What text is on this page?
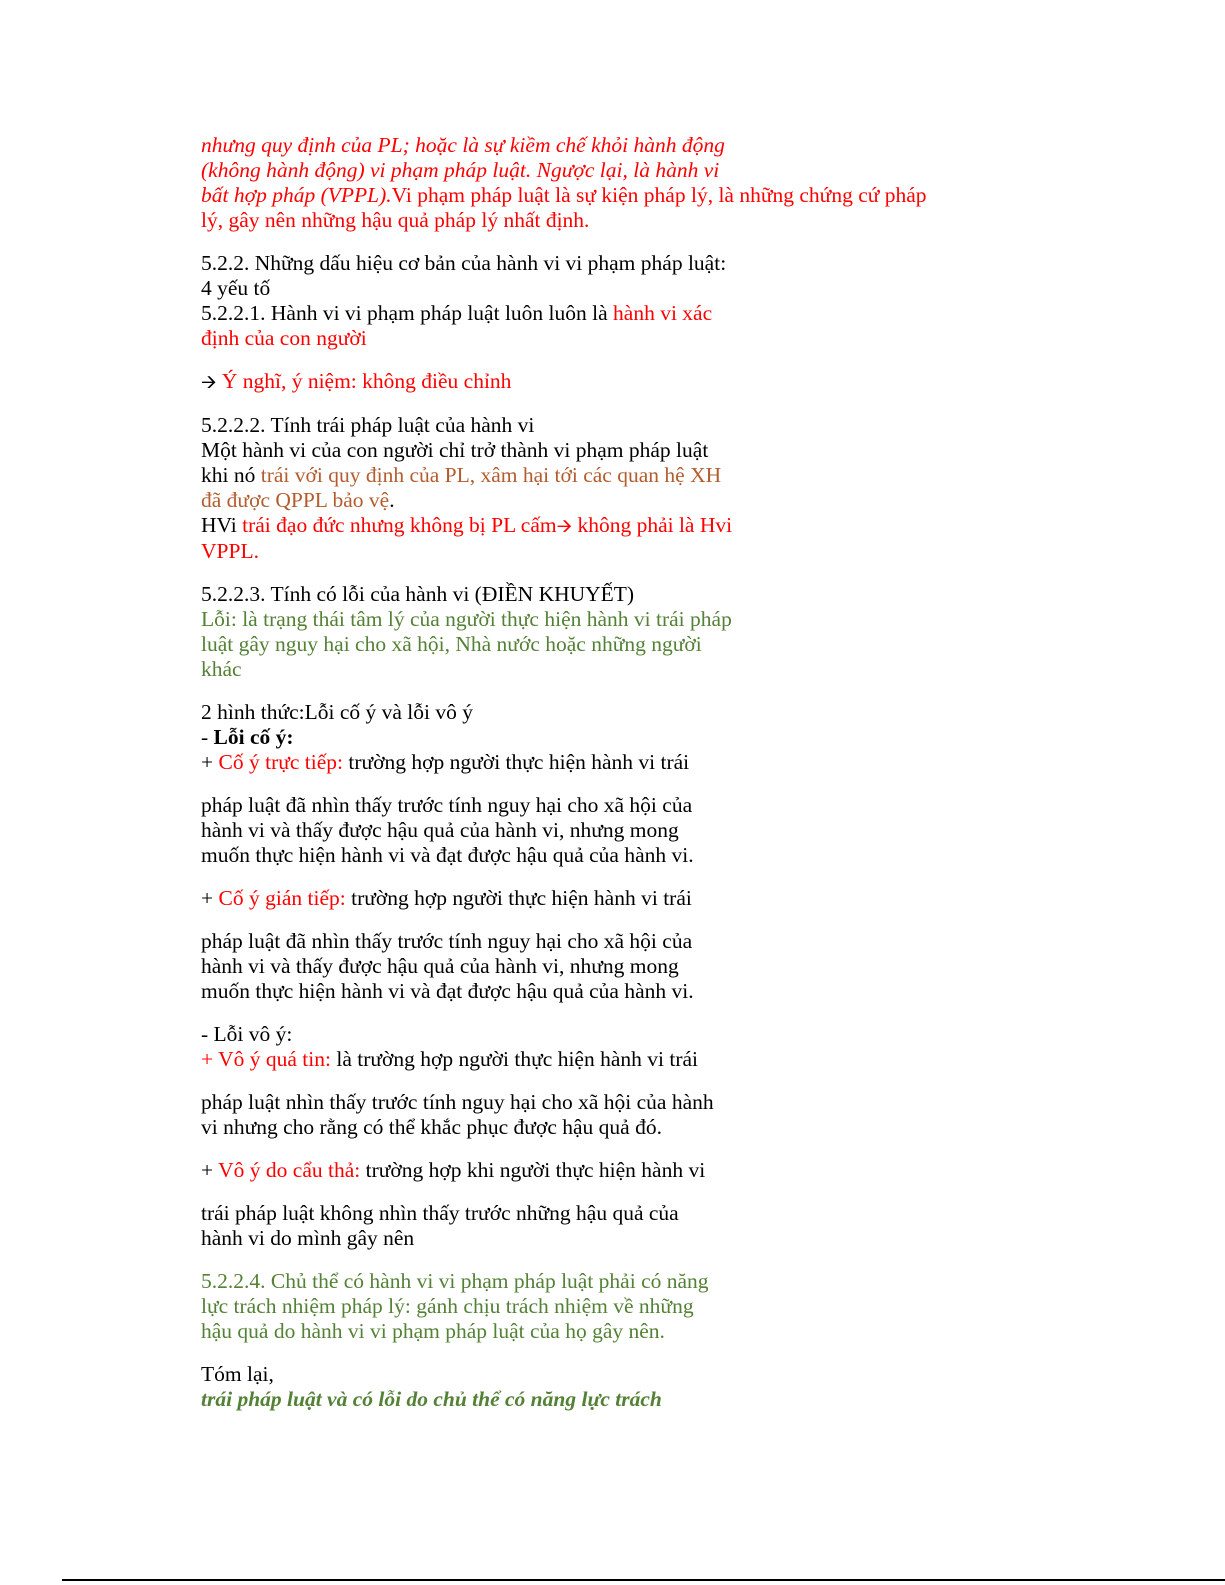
nhưng quy định của PL; hoặc là sự kiềm chế khỏi hành động

(không hành động) vi phạm pháp luật. Ngược lại, là hành vi

bất hợp pháp (VPPL).Vi phạm pháp luật là sự kiện pháp lý, là những chứng cứ pháp

lý, gây nên những hậu quả pháp lý nhất định.

5.2.2. Những dấu hiệu cơ bản của hành vi vi phạm pháp luật:

4 yếu tố

5.2.2.1. Hành vi vi phạm pháp luật luôn luôn là hành vi xác

định của con người

🡪 Ý nghĩ, ý niệm: không điều chỉnh

5.2.2.2. Tính trái pháp luật của hành vi

Một hành vi của con người chỉ trở thành vi phạm pháp luật

khi nó trái với quy định của PL, xâm hại tới các quan hệ XH

đã được QPPL bảo vệ.

HVi trái đạo đức nhưng không bị PL cấm🡪 không phải là Hvi

VPPL.

5.2.2.3. Tính có lỗi của hành vi (ĐIỀN KHUYẾT)

Lỗi: là trạng thái tâm lý của người thực hiện hành vi trái pháp

luật gây nguy hại cho xã hội, Nhà nước hoặc những người

khác

2 hình thức:Lỗi cố ý và lỗi vô ý

- Lỗi cố ý:

+ Cố ý trực tiếp: trường hợp người thực hiện hành vi trái

pháp luật đã nhìn thấy trước tính nguy hại cho xã hội của

hành vi và thấy được hậu quả của hành vi, nhưng mong

muốn thực hiện hành vi và đạt được hậu quả của hành vi.

+ Cố ý gián tiếp: trường hợp người thực hiện hành vi trái

pháp luật đã nhìn thấy trước tính nguy hại cho xã hội của

hành vi và thấy được hậu quả của hành vi, nhưng mong

muốn thực hiện hành vi và đạt được hậu quả của hành vi.

- Lỗi vô ý:

+ Vô ý quá tin: là trường hợp người thực hiện hành vi trái

pháp luật nhìn thấy trước tính nguy hại cho xã hội của hành

vi nhưng cho rằng có thể khắc phục được hậu quả đó.

+ Vô ý do cẩu thả: trường hợp khi người thực hiện hành vi

trái pháp luật không nhìn thấy trước những hậu quả của

hành vi do mình gây nên

5.2.2.4. Chủ thể có hành vi vi phạm pháp luật phải có năng

lực trách nhiệm pháp lý: gánh chịu trách nhiệm về những

hậu quả do hành vi vi phạm pháp luật của họ gây nên.

Tóm lại,

trái pháp luật và có lỗi do chủ thể có năng lực trách
